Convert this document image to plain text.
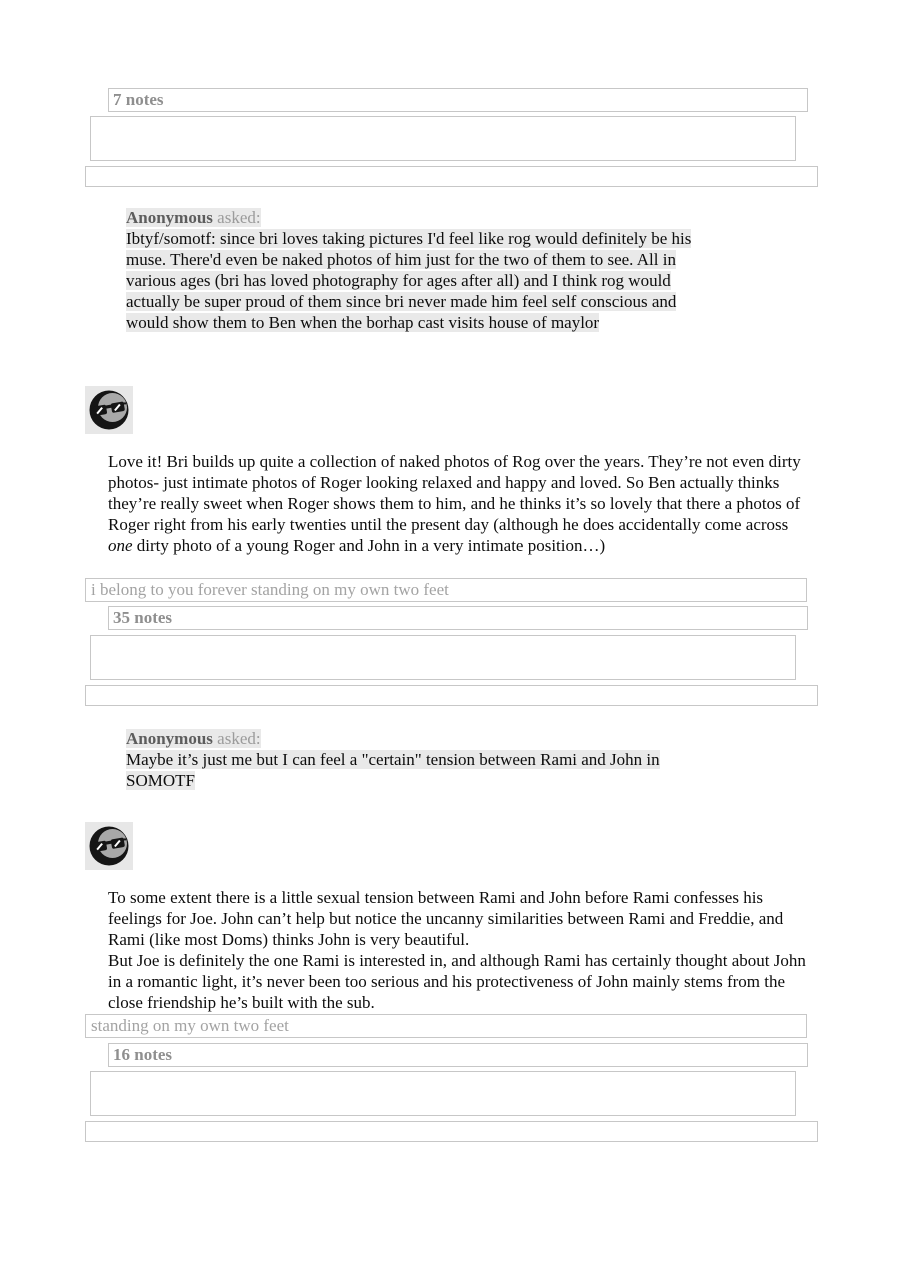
7 notes
Anonymous asked:
Ibtyf/somotf: since bri loves taking pictures I'd feel like rog would definitely be his muse. There'd even be naked photos of him just for the two of them to see. All in various ages (bri has loved photography for ages after all) and I think rog would actually be super proud of them since bri never made him feel self conscious and would show them to Ben when the borhap cast visits house of maylor
Love it! Bri builds up quite a collection of naked photos of Rog over the years. They’re not even dirty photos- just intimate photos of Roger looking relaxed and happy and loved. So Ben actually thinks they’re really sweet when Roger shows them to him, and he thinks it’s so lovely that there a photos of Roger right from his early twenties until the present day (although he does accidentally come across one dirty photo of a young Roger and John in a very intimate position…)
i belong to you forever standing on my own two feet
35 notes
Anonymous asked:
Maybe it’s just me but I can feel a "certain" tension between Rami and John in SOMOTF
To some extent there is a little sexual tension between Rami and John before Rami confesses his feelings for Joe. John can’t help but notice the uncanny similarities between Rami and Freddie, and Rami (like most Doms) thinks John is very beautiful.
But Joe is definitely the one Rami is interested in, and although Rami has certainly thought about John in a romantic light, it’s never been too serious and his protectiveness of John mainly stems from the close friendship he’s built with the sub.
standing on my own two feet
16 notes
